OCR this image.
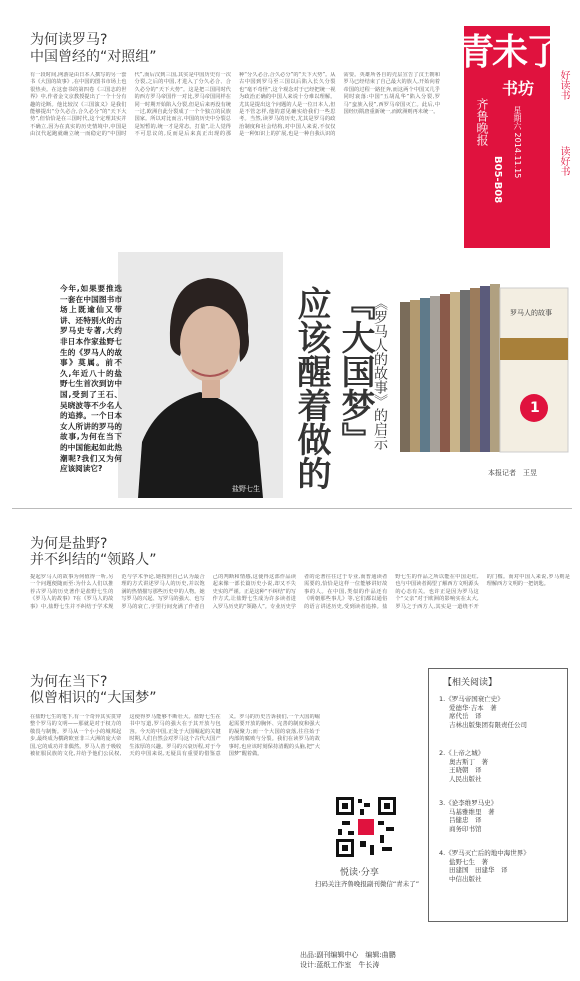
为何读罗马?
中国曾经的“对照组”
有一段时间,网游是由日本人撰写的另一套书《大国的故事》,在中国的图书市场上也很热卖。在这套书的第四卷《三国志的世界》中,作者金文京教授提出了一个十分有趣的论断。他比较汉《三国演义》是我们能够提出“分久必合,合久必分”的“天下大势”,但恰恰是在三国时代,这个定理其实并不确立,因为在真实的历史情境中,中国是由汉代起跑就确立统一而稳定的“中国时代”,而后汉到三国,其实是中国历史有一次分裂,之后的中国,才进入了分久必合、合久必分的“天下大势”。这是把三国同时代的西方罗马帝国作一对比,罗马帝国同样在同一时期开始陷入分裂,但是后来再没有统一过,欧洲自此分裂成了一个个独立的民族国家。所以对比而言,中国的历史中分裂总是短暂的,统一才是常态。打量”,让人觉得不可思议的,反而是后来真正出现的那种“分久必合,合久必分”的“天下大势”。从古中国到罗马至三国以后陷入长久分裂也“毫不奇怪”,这个观念对于已经把统一视为政治正确的中国人来说十分难以理解。尤其是提出这个问题的人是一位日本人,但是不管怎样,他的意见确实给我们一些思考。当然,读罗马的历史,尤其是罗马的政治制度和社会结构,对中国人来说,不仅仅是一种知识上的扩展,也是一种自我认识的需要。英雄所各自的壳层宣告了汉王朝和罗马已经结束了自己最大的族人,开始向着帝国的过程一路狂奔,而这两个中国又几乎同时衰落:中国“五胡乱华”陷入分裂,罗马“蛮族入侵”,西罗马帝国灭亡。此后,中国经历隋唐重新统一,而欧洲则再未统一。
青未了
书坊
齐鲁晚报	星期六 2014.11.15
B05-B08
好读书
读好书
盐野七生
今年,如果要推选一套在中国图书市场上既逾仙又带讲、还特别火的古罗马史专著,大约非日本作家盐野七生的《罗马人的故事》莫属。前不久,年近八十的盐野七生首次到访中国,受到了王石、吴晓波等不少名人的追捧。一个日本女人所讲的罗马的故事,为何在当下的中国能起如此热潮呢?我们又为何应该阅读它?
『大国梦』
应该醒着做的	《罗马人的故事》的启示	罗马人的故事
1
本报记者　王昱
为何是盐野?
并不纠结的“领路人”
提起罗马人的故事为何值得一听,另一个问题便随而至:为什么人们以推荐古罗马的历史著作是盐野七生的《罗马人的故事》?在《罗马人的故事》中,盐野七生并不纠结于学术规范与学术争论,她按照自己认为最合理的方式讲述罗马人的历史,并以饱满的热情描写那些历史中的人物。她写罗马的兴起、写罗马的强大、也写罗马的衰亡,字里行间充满了作者自己的判断和情感,这使得这部作品读起来像一部长篇历史小说,却又不失史实的严谨。正是这种“不纠结”的写作方式,让盐野七生成为许多读者进入罗马历史的“领路人”。专业历史学者的论著往往过于专业,而普通读者需要的,恰恰是这样一位能够讲好故事的人。在中国,类似的作品还有《明朝那些事儿》等,它们都以通俗的语言讲述历史,受到读者追捧。盐野七生的作品之所以能在中国走红,也与中国读者渴望了解西方文明源头的心态有关。也许正是因为罗马这个“父亲”对于欧洲的影响实在太大,罗马之于西方人,其实是一道绕不开的门槛。而对中国人来说,罗马则是理解西方文明的一把钥匙。
为何在当下?
似曾相识的“大国梦”
在盐野七生的笔下,有一个奇异其实贯穿整个罗马的文明——那就是对于权力的敬畏与制衡。罗马从一个小小的城邦起步,最终成为横跨欧亚非三大洲的庞大帝国,它的成功并非偶然。罗马人善于吸收被征服民族的文化,并给予他们公民权,这使得罗马能够不断壮大。盐野七生在书中写道,罗马的强大在于其开放与包容。今天的中国,正处于大国崛起的关键时期,人们自然会对罗马这个古代大国产生浓厚的兴趣。罗马的兴衰历程,对于今天的中国来说,无疑具有重要的借鉴意义。罗马的历史告诉我们,一个大国的崛起需要开放的胸怀、完善的制度和强大的凝聚力;而一个大国的衰落,往往始于内部的腐败与分裂。我们在读罗马的故事时,也应该时刻保持清醒的头脑,把“大国梦”醒着做。
悦读·分享
扫码关注齐鲁晚报副刊微信“青未了”
【相关阅读】
1.《罗马帝国衰亡史》
爱德华·吉本　著
席代岳　译
吉林出版集团有限责任公司
2.《上帝之城》
奥古斯丁　著
王晓朝　译
人民出版社
3.《论李维罗马史》
马基雅维里　著
吕健忠　译
商务印书馆
4.《罗马灭亡后的地中海世界》
盐野七生　著
田建国　田建华　译
中信出版社
出品:副刊编辑中心　编辑:曲鹏
设计:蓝纸工作室　牛长涛
